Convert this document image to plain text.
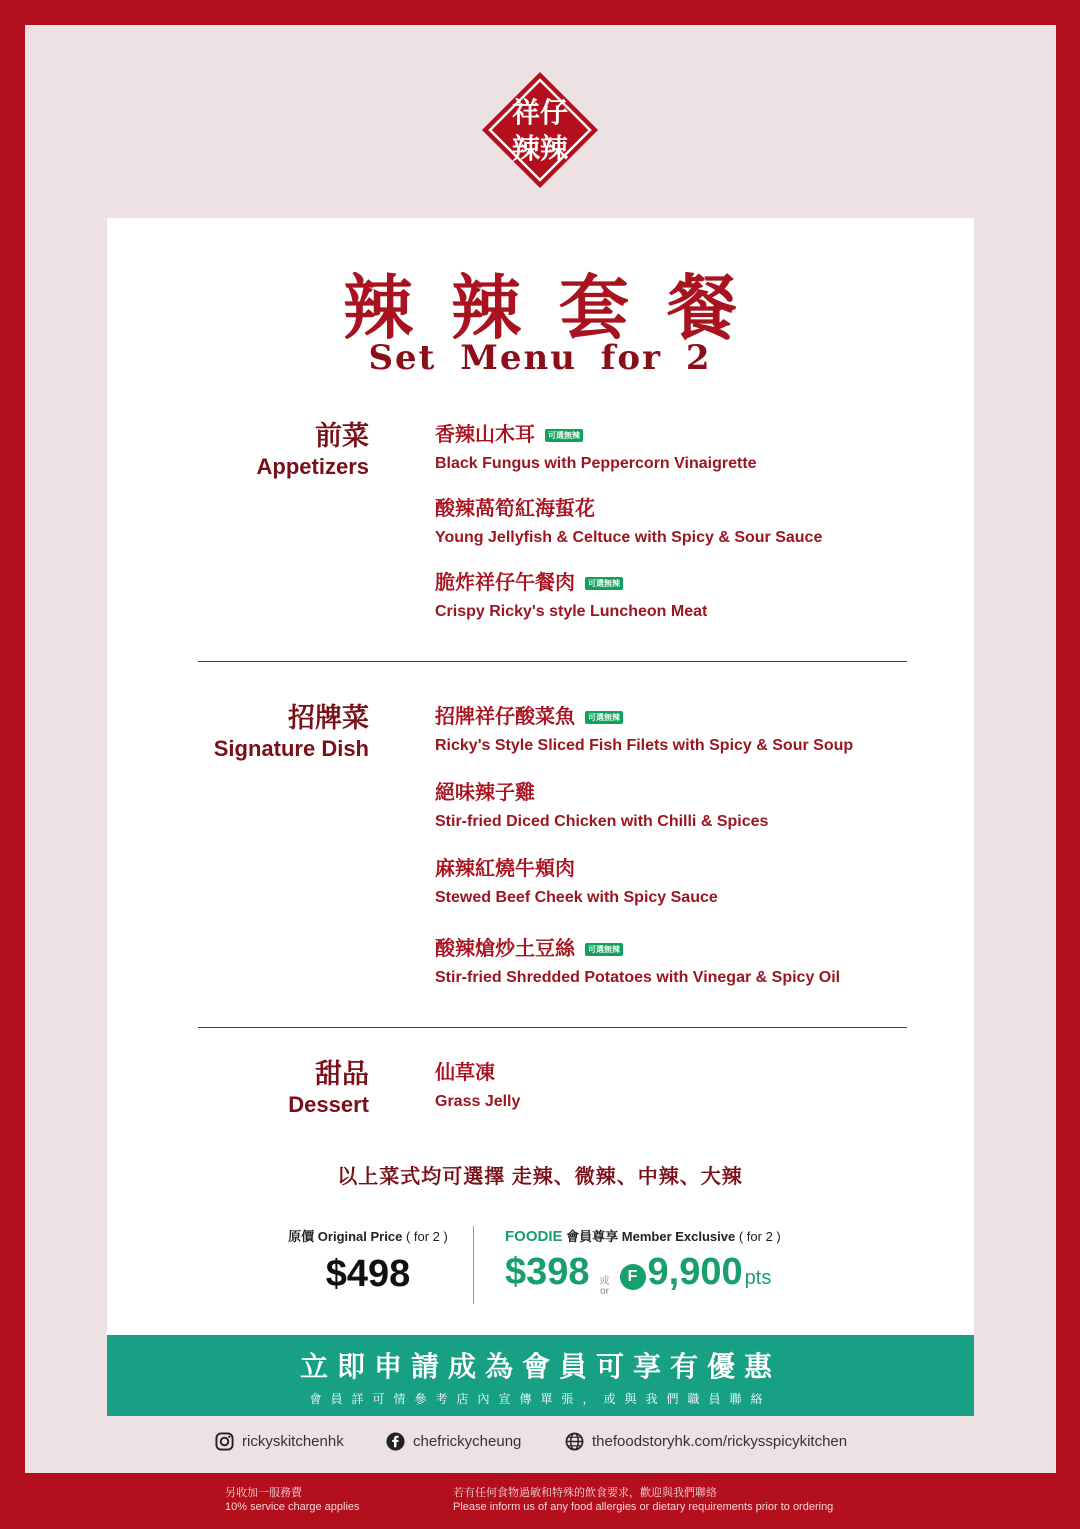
祥仔
辣辣
辣辣套餐
Set Menu for 2
前菜
Appetizers
香辣山木耳	可選無辣
Black Fungus with Peppercorn Vinaigrette
酸辣萵筍紅海蜇花
Young Jellyfish & Celtuce with Spicy & Sour Sauce
脆炸祥仔午餐肉	可選無辣
Crispy Ricky's style Luncheon Meat
招牌菜
Signature Dish
招牌祥仔酸菜魚	可選無辣
Ricky's Style Sliced Fish Filets with Spicy & Sour Soup
絕味辣子雞
Stir-fried Diced Chicken with Chilli & Spices
麻辣紅燒牛頬肉
Stewed Beef Cheek with Spicy Sauce
酸辣熗炒土豆絲	可選無辣
Stir-fried Shredded Potatoes with Vinegar & Spicy Oil
甜品
Dessert
仙草凍
Grass Jelly
以上菜式均可選擇 走辣、微辣、中辣、大辣
原價 Original Price ( for 2 )
$498
FOODIE 會員尊享 Member Exclusive ( for 2 )
$398 或
or
F 9,900 pts
立即申請成為會員可享有優惠
會員詳可情參考店內宣傳單張，或與我們職員聯絡
rickyskitchenhk	chefrickycheung	thefoodstoryhk.com/rickysspicykitchen
另收加一服務費
10% service charge applies
若有任何食物過敏和特殊的飲食要求，歡迎與我們聯絡
Please inform us of any food allergies or dietary requirements prior to ordering
